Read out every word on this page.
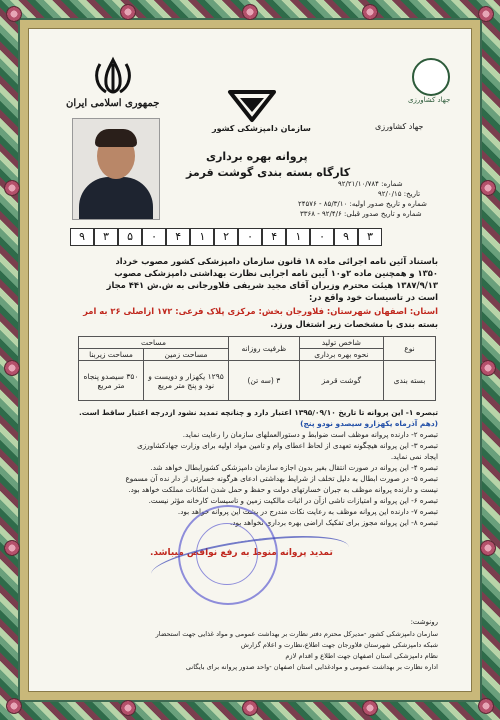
جمهوری اسلامی ایران
سازمان دامپزشکی کشور
جهاد کشاورزی
جهاد کشاورزی
شماره: ۹۲/۲۱/۱۰/۷۸۴
تاریخ: ۹۲/۰/۱۵
شماره و تاریخ صدور اولیه: ۸۵/۳/۱۰ - ۲۴۵۷۶
شماره و تاریخ صدور قبلی: ۹۲/۴/۶ - ۳۳۶۸
پروانه بهره برداری
کارگاه بسته بندی گوشت قرمز
۹	۳	۵	۰	۴	۱	۲	۰	۴	۱	۰	۹	۳
باستناد آئین نامه اجرائی ماده ۱۸ قانون سازمان دامپزشکی کشور مصوب خرداد
۱۳۵۰ و همچنین ماده ۲و۱۰ آیین نامه اجرایی نظارت بهداشتی دامپزشکی مصوب
۱۳۸۷/۹/۱۳ هیئت محترم وزیران آقای مجید شریفی فلاورجانی به ش.ش ۴۴۱ مجاز
است در تاسیسات خود واقع در:
استان: اصفهان شهرستان: فلاورجان بخش: مرکزی پلاک فرعی: ۱۷۲ ازاصلی ۲۶ به امر
بسته بندی با مشخصات زیر اشتغال ورزد.
نوع	شاخص تولید	ظرفیت روزانه	مساحت	
	نحوه بهره برداری		مساحت زمین	مساحت زیربنا
بسته بندی	گوشت قرمز	۳ (سه تن)	۱۲۹۵ یکهزار و دویست و نود و پنج متر مربع	۳۵۰ سیصدو پنجاه متر مربع
تبصره ۱- این پروانه تا تاریخ ۱۳۹۵/۰۹/۱۰ اعتبار دارد و چنانچه تمدید نشود ازدرجه اعتبار ساقط است.
(دهم آذرماه یکهزارو سیصدو نودو پنج)
تبصره ۲- دارنده پروانه موظف است ضوابط و دستورالعملهای سازمان را رعایت نماید.
تبصره ۳- این پروانه هیچگونه تعهدی از لحاظ اعطای وام و تامین مواد اولیه برای وزارت جهادکشاورزی
ایجاد نمی نماید.
تبصره ۴- این پروانه در صورت انتقال بغیر بدون اجازه سازمان دامپزشکی کشورابطال خواهد شد.
تبصره ۵- در صورت ابطال به دلیل تخلف از شرایط بهداشتی ادعای هرگونه خسارتی از دار نده آن مسموع
نیست و دارنده پروانه موظف به جبران خسارتهای دولت و حفظ و حمل شدن امکانات مملکت خواهد بود.
تبصره ۶- این پروانه و امتیازات ناشی ازآن در اثبات مالکیت زمین و تاسیسات کارخانه مؤثر نیست.
تبصره ۷- دارنده این پروانه موظف به رعایت نکات مندرج در پشت این پروانه خواهد بود.
تبصره ۸- این پروانه مجوز برای تفکیک اراضی بهره برداری نخواهد بود.
تمدید پروانه منوط به رفع نواقص میباشد.
رونوشت:
سازمان دامپزشکی کشور -مدیرکل محترم دفتر نظارت بر بهداشت عمومی و مواد غذایی جهت استحضار
شبکه دامپزشکی شهرستان فلاورجان جهت اطلاع،نظارت و اعلام گزارش
نظام دامپزشکی استان اصفهان جهت اطلاع و اقدام لازم
اداره نظارت بر بهداشت عمومی و موادغذایی استان اصفهان -واحد صدور پروانه برای بایگانی
